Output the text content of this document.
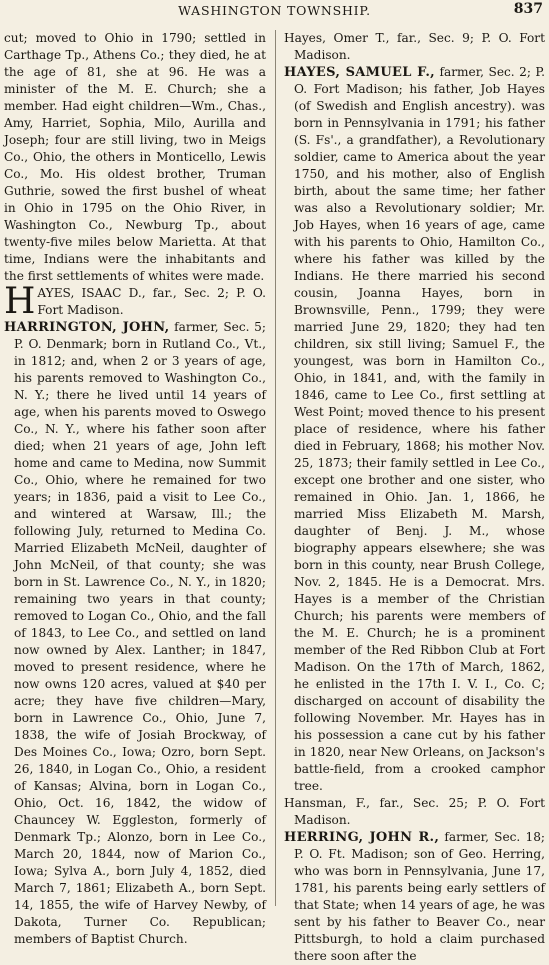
WASHINGTON TOWNSHIP.	837

cut; moved to Ohio in 1790; settled in Carthage Tp., Athens Co.; they died, he at the age of 81, she at 96. He was a minister of the M. E. Church; she a member. Had eight children—Wm., Chas., Amy, Harriet, Sophia, Milo, Aurilla and Joseph; four are still living, two in Meigs Co., Ohio, the others in Monticello, Lewis Co., Mo. His oldest brother, Truman Guthrie, sowed the first bushel of wheat in Ohio in 1795 on the Ohio River, in Washington Co., Newburg Tp., about twenty-five miles below Marietta. At that time, Indians were the inhabitants and the first settlements of whites were made.

HAYES, ISAAC D., far., Sec. 2; P. O. Fort Madison.

HARRINGTON, JOHN, farmer, Sec. 5; P. O. Denmark; born in Rutland Co., Vt., in 1812; and, when 2 or 3 years of age, his parents removed to Washington Co., N. Y.; there he lived until 14 years of age, when his parents moved to Oswego Co., N. Y., where his father soon after died; when 21 years of age, John left home and came to Medina, now Summit Co., Ohio, where he remained for two years; in 1836, paid a visit to Lee Co., and wintered at Warsaw, Ill.; the following July, returned to Medina Co. Married Elizabeth McNeil, daughter of John McNeil, of that county; she was born in St. Lawrence Co., N. Y., in 1820; remaining two years in that county; removed to Logan Co., Ohio, and the fall of 1843, to Lee Co., and settled on land now owned by Alex. Lanther; in 1847, moved to present residence, where he now owns 120 acres, valued at $40 per acre; they have five children—Mary, born in Lawrence Co., Ohio, June 7, 1838, the wife of Josiah Brockway, of Des Moines Co., Iowa; Ozro, born Sept. 26, 1840, in Logan Co., Ohio, a resident of Kansas; Alvina, born in Logan Co., Ohio, Oct. 16, 1842, the widow of Chauncey W. Eggleston, formerly of Denmark Tp.; Alonzo, born in Lee Co., March 20, 1844, now of Marion Co., Iowa; Sylva A., born July 4, 1852, died March 7, 1861; Elizabeth A., born Sept. 14, 1855, the wife of Harvey Newby, of Dakota, Turner Co. Republican; members of Baptist Church.

Hayes, Omer T., far., Sec. 9; P. O. Fort Madison.

HAYES, SAMUEL F., farmer, Sec. 2; P. O. Fort Madison; his father, Job Hayes (of Swedish and English ancestry). was born in Pennsylvania in 1791; his father (S. Fs'., a grandfather), a Revolutionary soldier, came to America about the year 1750, and his mother, also of English birth, about the same time; her father was also a Revolutionary soldier; Mr. Job Hayes, when 16 years of age, came with his parents to Ohio, Hamilton Co., where his father was killed by the Indians. He there married his second cousin, Joanna Hayes, born in Brownsville, Penn., 1799; they were married June 29, 1820; they had ten children, six still living; Samuel F., the youngest, was born in Hamilton Co., Ohio, in 1841, and, with the family in 1846, came to Lee Co., first settling at West Point; moved thence to his present place of residence, where his father died in February, 1868; his mother Nov. 25, 1873; their family settled in Lee Co., except one brother and one sister, who remained in Ohio. Jan. 1, 1866, he married Miss Elizabeth M. Marsh, daughter of Benj. J. M., whose biography appears elsewhere; she was born in this county, near Brush College, Nov. 2, 1845. He is a Democrat. Mrs. Hayes is a member of the Christian Church; his parents were members of the M. E. Church; he is a prominent member of the Red Ribbon Club at Fort Madison. On the 17th of March, 1862, he enlisted in the 17th I. V. I., Co. C; discharged on account of disability the following November. Mr. Hayes has in his possession a cane cut by his father in 1820, near New Orleans, on Jackson's battle-field, from a crooked camphor tree.

Hansman, F., far., Sec. 25; P. O. Fort Madison.

HERRING, JOHN R., farmer, Sec. 18; P. O. Ft. Madison; son of Geo. Herring, who was born in Pennsylvania, June 17, 1781, his parents being early settlers of that State; when 14 years of age, he was sent by his father to Beaver Co., near Pittsburgh, to hold a claim purchased there soon after the
